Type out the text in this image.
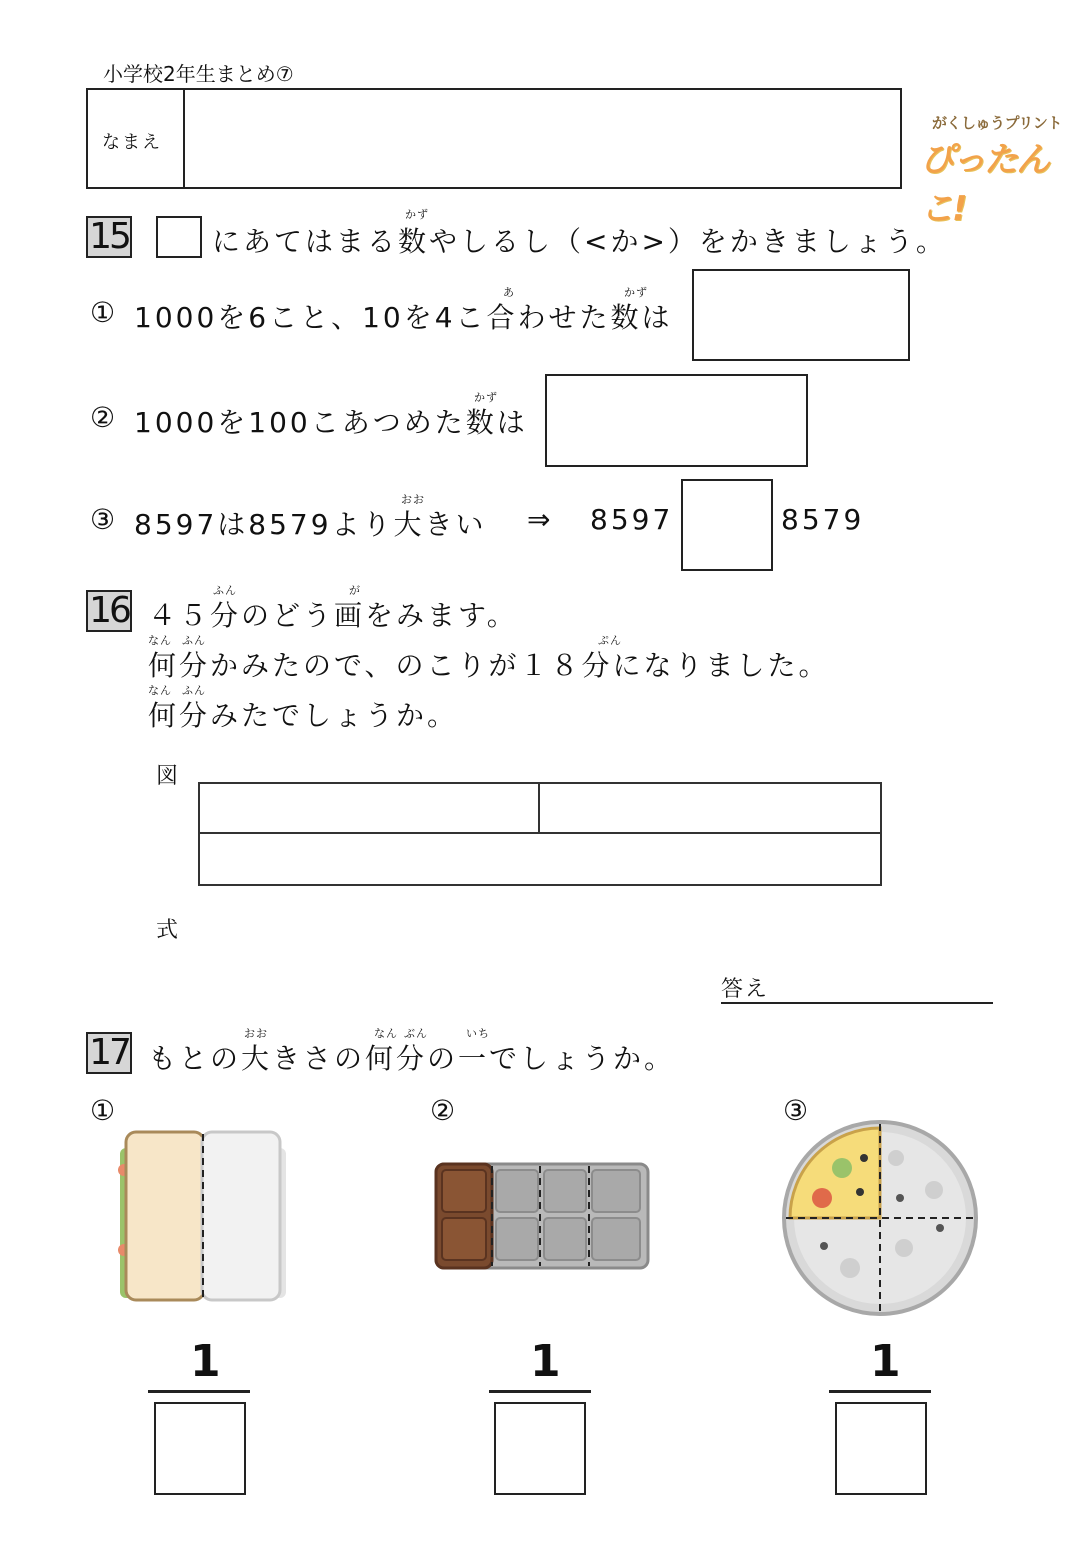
小学校2年生まとめ⑦
なまえ
がくしゅうプリント
ぴったんこ!
15
かず
にあてはまる数やしるし（<か>）をかきましょう。
あ	かず
① 1000を6こと、10を4こ合わせた数は
かず
② 1000を100こあつめた数は
おお
③ 8597は8579より大きい ⇒ 8597	8579
16	ふん	が
４５分のどう画をみます。
なん ふん	ぷん
何分かみたので、のこりが１８分になりました。
なん ふん
何分みたでしょうか。
図
式
答え
17	おお	なん ぶん	いち
もとの大きさの何分の一でしょうか。
①	②	③
1	1	1
